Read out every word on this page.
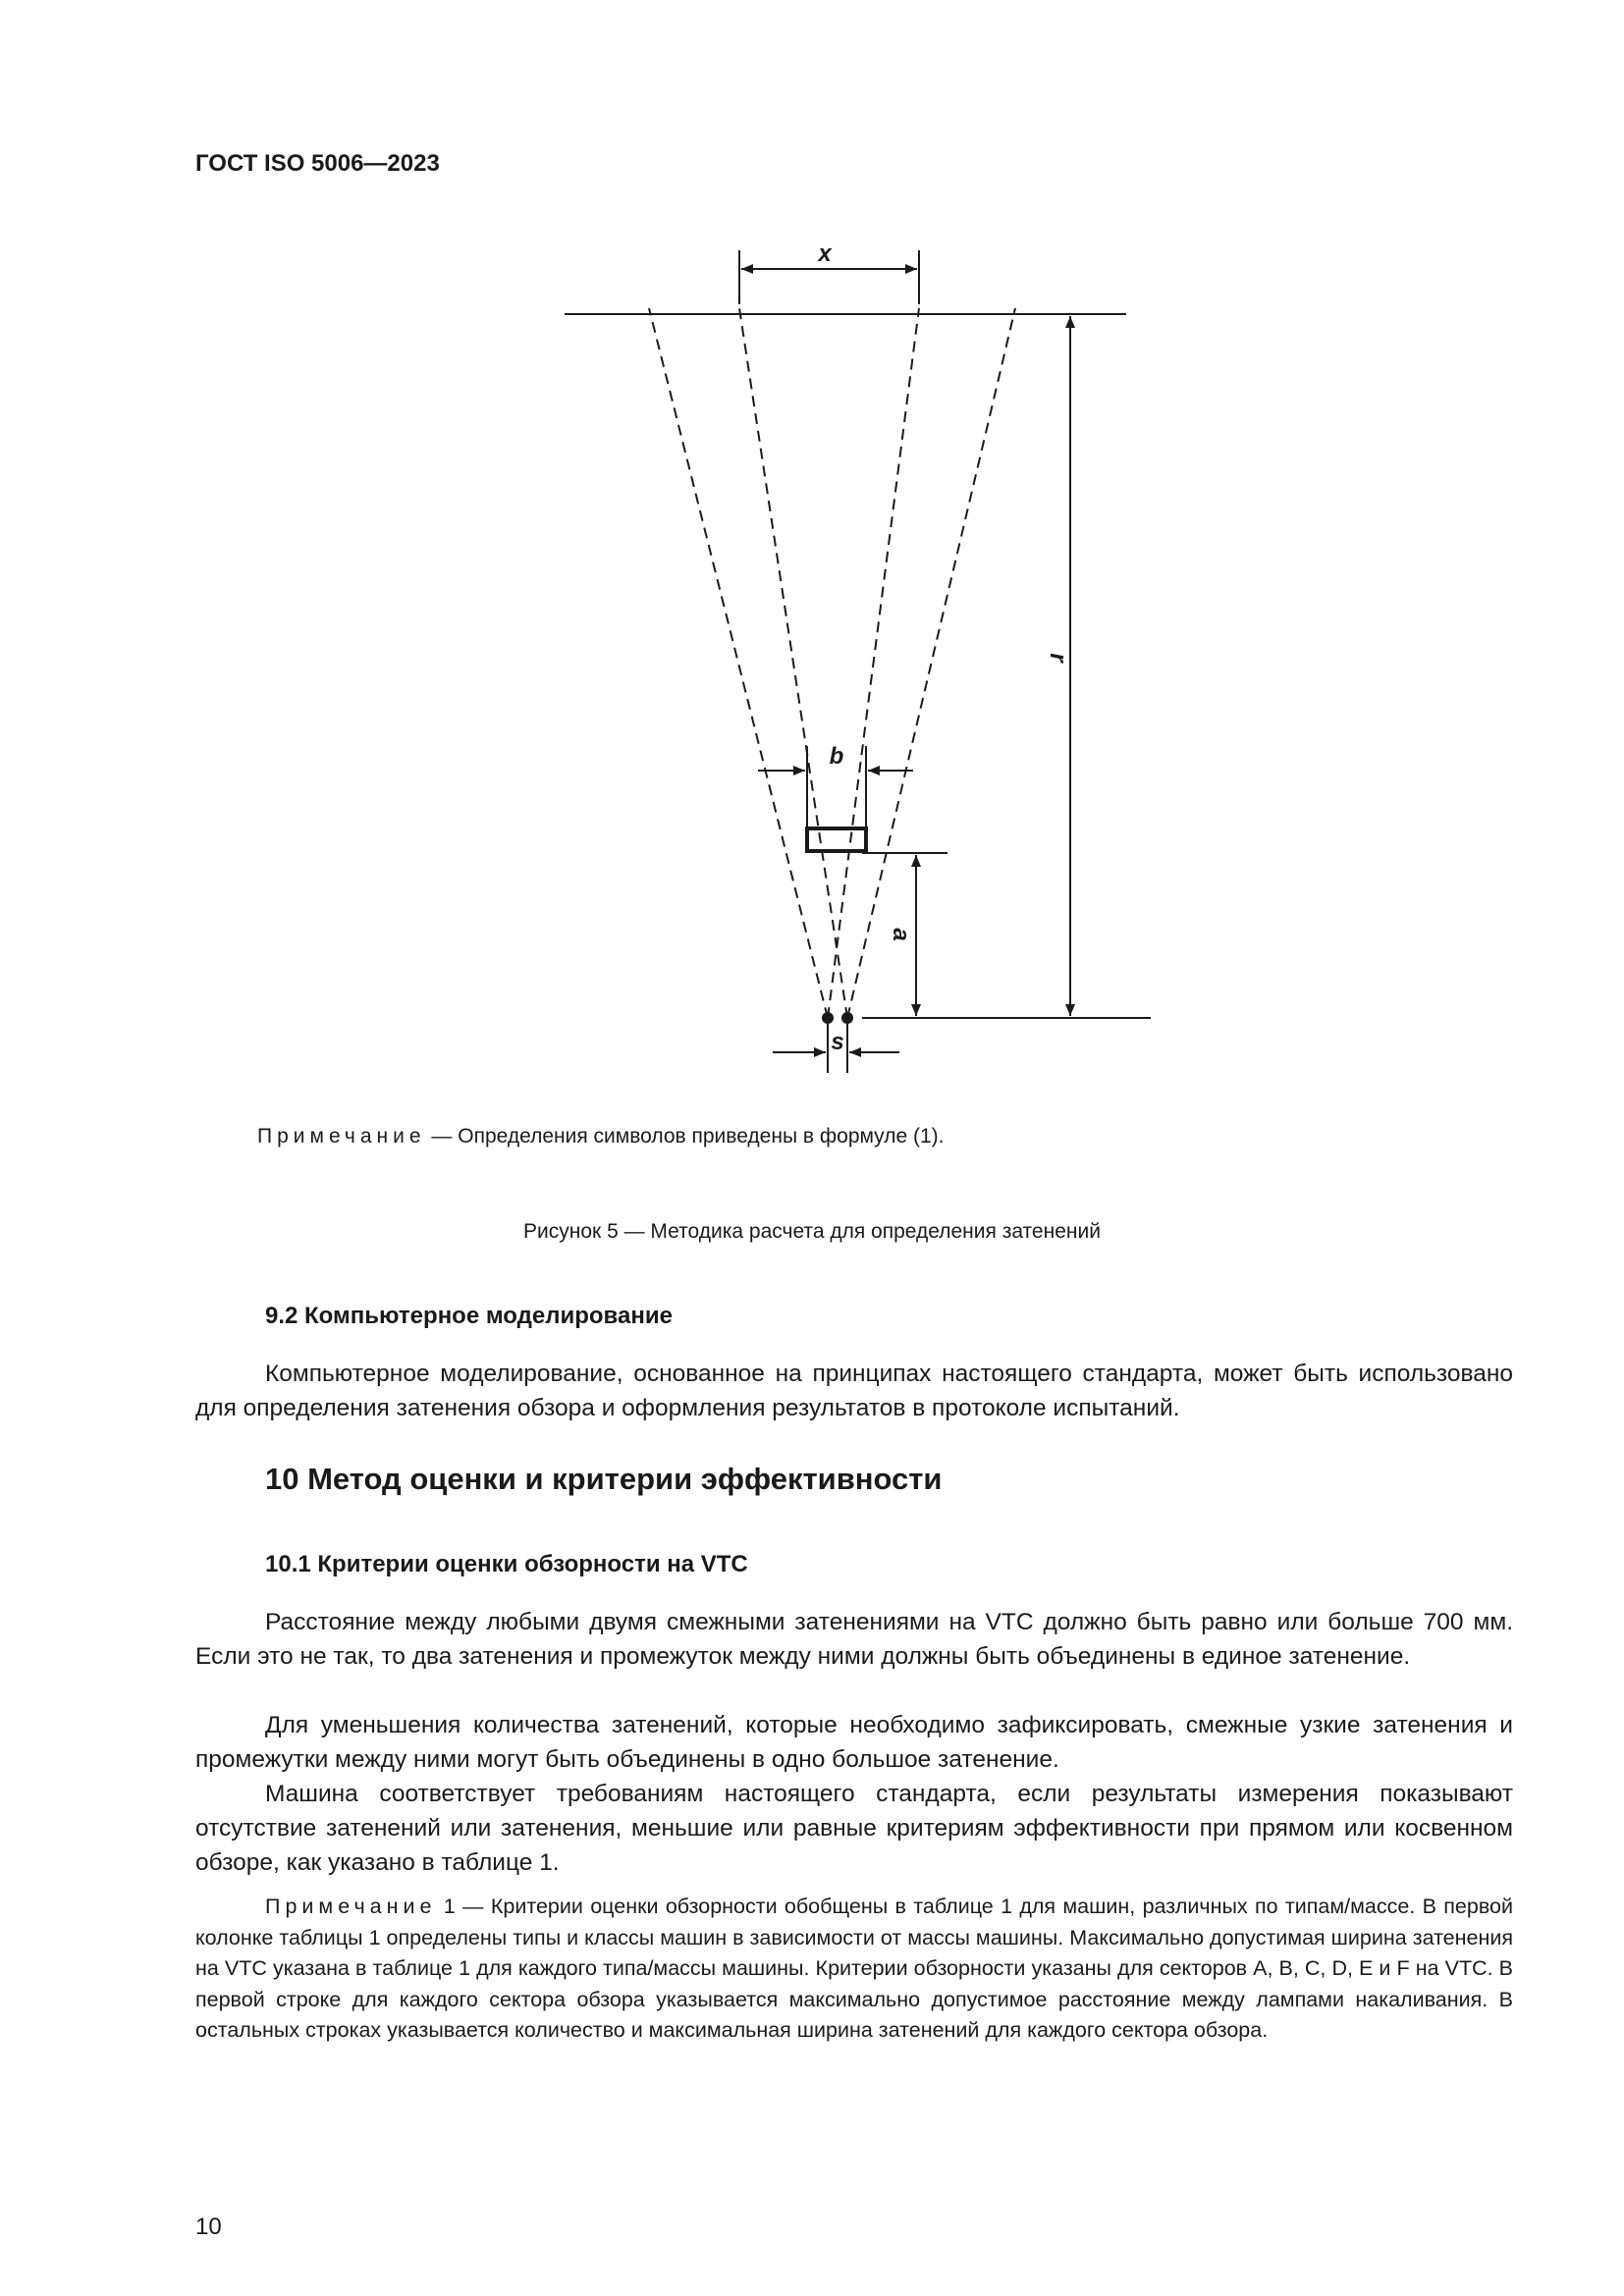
ГОСТ ISO 5006—2023
x
r
b
a
s
Примечание — Определения символов приведены в формуле (1).
Рисунок 5 — Методика расчета для определения затенений
9.2 Компьютерное моделирование

Компьютерное моделирование, основанное на принципах настоящего стандарта, может быть использовано для определения затенения обзора и оформления результатов в протоколе испытаний.

10 Метод оценки и критерии эффективности
10.1 Критерии оценки обзорности на VTC

Расстояние между любыми двумя смежными затенениями на VTC должно быть равно или больше 700 мм. Если это не так, то два затенения и промежуток между ними должны быть объединены в единое затенение.

Для уменьшения количества затенений, которые необходимо зафиксировать, смежные узкие затенения и промежутки между ними могут быть объединены в одно большое затенение.

Машина соответствует требованиям настоящего стандарта, если результаты измерения показывают отсутствие затенений или затенения, меньшие или равные критериям эффективности при прямом или косвенном обзоре, как указано в таблице 1.

Примечание 1 — Критерии оценки обзорности обобщены в таблице 1 для машин, различных по типам/массе. В первой колонке таблицы 1 определены типы и классы машин в зависимости от массы машины. Максимально допустимая ширина затенения на VTC указана в таблице 1 для каждого типа/массы машины. Критерии обзорности указаны для секторов А, В, С, D, Е и F на VTC. В первой строке для каждого сектора обзора указывается максимально допустимое расстояние между лампами накаливания. В остальных строках указывается количество и максимальная ширина затенений для каждого сектора обзора.

10
